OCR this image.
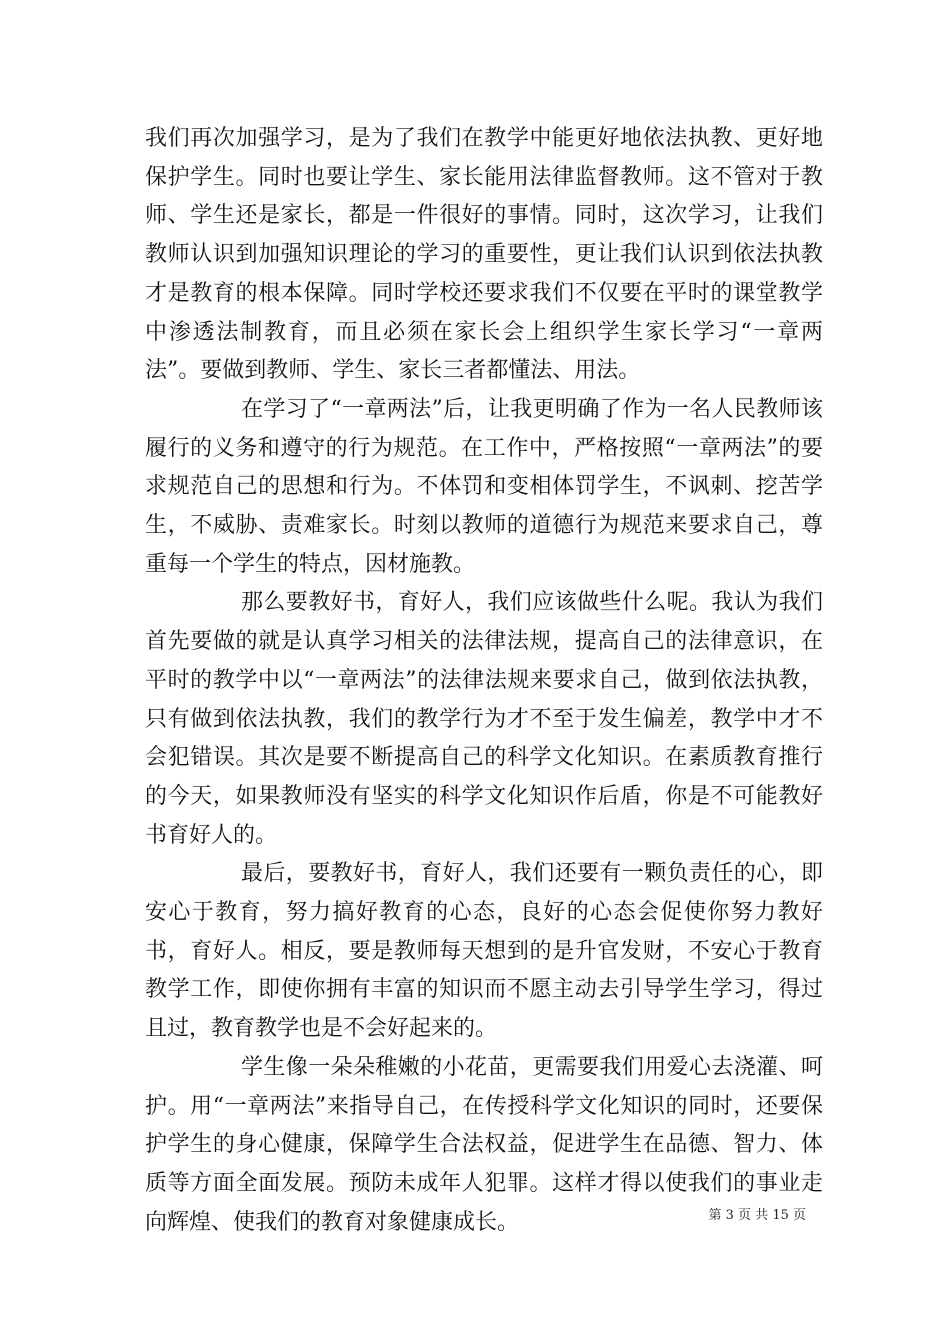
我们再次加强学习，是为了我们在教学中能更好地依法执教、更好地保护学生。同时也要让学生、家长能用法律监督教师。这不管对于教师、学生还是家长，都是一件很好的事情。同时，这次学习，让我们教师认识到加强知识理论的学习的重要性，更让我们认识到依法执教才是教育的根本保障。同时学校还要求我们不仅要在平时的课堂教学中渗透法制教育，而且必须在家长会上组织学生家长学习“一章两法”。要做到教师、学生、家长三者都懂法、用法。

在学习了“一章两法”后，让我更明确了作为一名人民教师该履行的义务和遵守的行为规范。在工作中，严格按照“一章两法”的要求规范自己的思想和行为。不体罚和变相体罚学生，不讽刺、挖苦学生，不威胁、责难家长。时刻以教师的道德行为规范来要求自己，尊重每一个学生的特点，因材施教。

那么要教好书，育好人，我们应该做些什么呢。我认为我们首先要做的就是认真学习相关的法律法规，提高自己的法律意识，在平时的教学中以“一章两法”的法律法规来要求自己，做到依法执教，只有做到依法执教，我们的教学行为才不至于发生偏差，教学中才不会犯错误。其次是要不断提高自己的科学文化知识。在素质教育推行的今天，如果教师没有坚实的科学文化知识作后盾，你是不可能教好书育好人的。

最后，要教好书，育好人，我们还要有一颗负责任的心，即安心于教育，努力搞好教育的心态，良好的心态会促使你努力教好书，育好人。相反，要是教师每天想到的是升官发财，不安心于教育教学工作，即使你拥有丰富的知识而不愿主动去引导学生学习，得过且过，教育教学也是不会好起来的。

学生像一朵朵稚嫩的小花苗，更需要我们用爱心去浇灌、呵护。用“一章两法”来指导自己，在传授科学文化知识的同时，还要保护学生的身心健康，保障学生合法权益，促进学生在品德、智力、体质等方面全面发展。预防未成年人犯罪。这样才得以使我们的事业走向辉煌、使我们的教育对象健康成长。	第 3 页 共 15 页
